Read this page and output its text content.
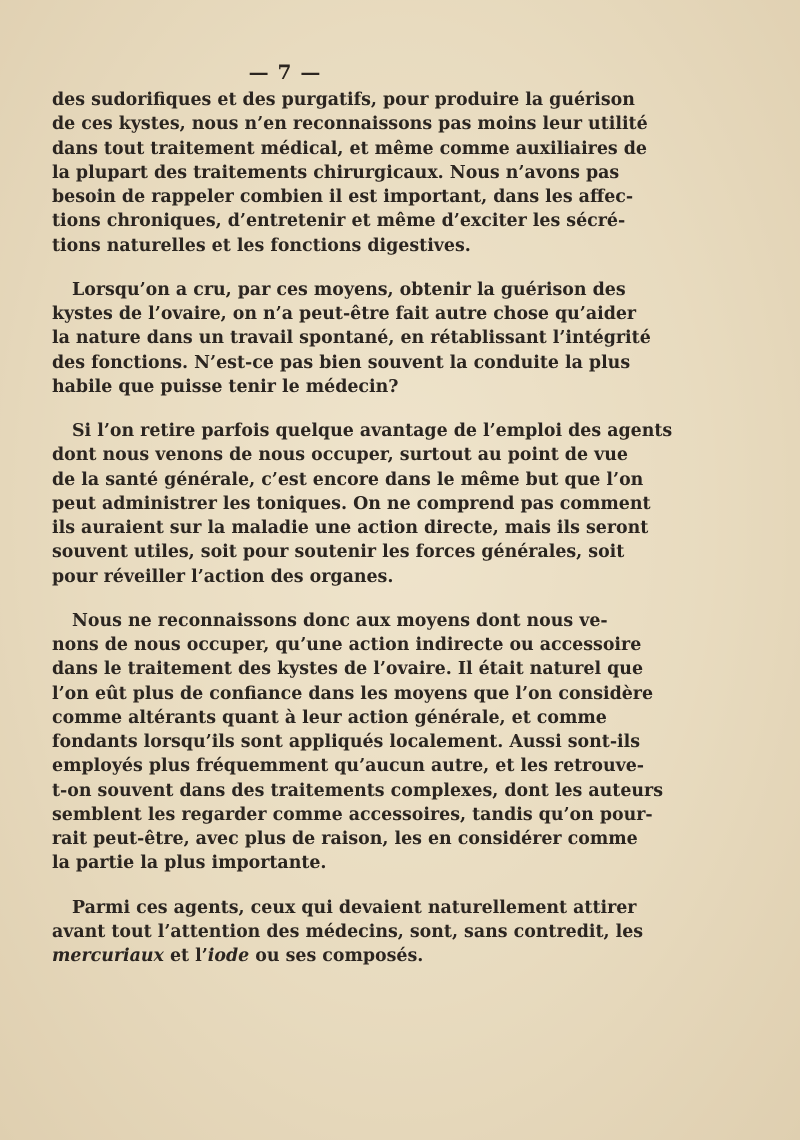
— 7 —
des sudorifiques et des purgatifs, pour produire la guérison
de ces kystes, nous n’en reconnaissons pas moins leur utilité
dans tout traitement médical, et même comme auxiliaires de
la plupart des traitements chirurgicaux. Nous n’avons pas
besoin de rappeler combien il est important, dans les affec-
tions chroniques, d’entretenir et même d’exciter les sécré-
tions naturelles et les fonctions digestives.
Lorsqu’on a cru, par ces moyens, obtenir la guérison des
kystes de l’ovaire, on n’a peut-être fait autre chose qu’aider
la nature dans un travail spontané, en rétablissant l’intégrité
des fonctions. N’est-ce pas bien souvent la conduite la plus
habile que puisse tenir le médecin?
Si l’on retire parfois quelque avantage de l’emploi des agents
dont nous venons de nous occuper, surtout au point de vue
de la santé générale, c’est encore dans le même but que l’on
peut administrer les toniques. On ne comprend pas comment
ils auraient sur la maladie une action directe, mais ils seront
souvent utiles, soit pour soutenir les forces générales, soit
pour réveiller l’action des organes.
Nous ne reconnaissons donc aux moyens dont nous ve-
nons de nous occuper, qu’une action indirecte ou accessoire
dans le traitement des kystes de l’ovaire. Il était naturel que
l’on eût plus de confiance dans les moyens que l’on considère
comme altérants quant à leur action générale, et comme
fondants lorsqu’ils sont appliqués localement. Aussi sont-ils
employés plus fréquemment qu’aucun autre, et les retrouve-
t-on souvent dans des traitements complexes, dont les auteurs
semblent les regarder comme accessoires, tandis qu’on pour-
rait peut-être, avec plus de raison, les en considérer comme
la partie la plus importante.
Parmi ces agents, ceux qui devaient naturellement attirer
avant tout l’attention des médecins, sont, sans contredit, les
mercuriaux et l’iode ou ses composés.
